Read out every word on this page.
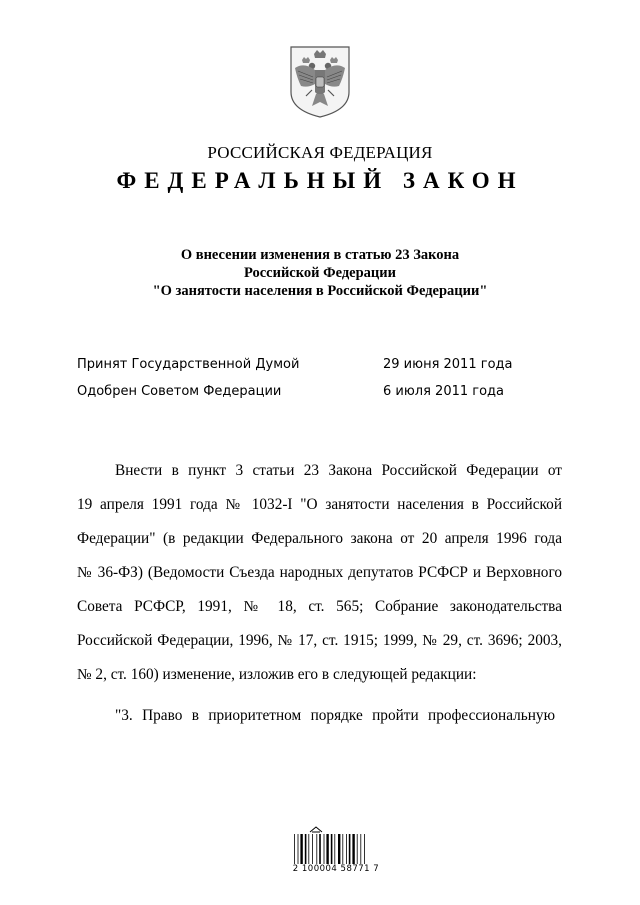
РОССИЙСКАЯ ФЕДЕРАЦИЯ
ФЕДЕРАЛЬНЫЙ ЗАКОН
О внесении изменения в статью 23 Закона
Российской Федерации
"О занятости населения в Российской Федерации"
Принят Государственной Думой	29 июня 2011 года
Одобрен Советом Федерации	6 июля 2011 года
Внести в пункт 3 статьи 23 Закона Российской Федерации от
19 апреля 1991 года № 1032-I "О занятости населения в Российской
Федерации" (в редакции Федерального закона от 20 апреля 1996 года
№ 36-ФЗ) (Ведомости Съезда народных депутатов РСФСР и Верховного
Совета РСФСР, 1991, № 18, ст. 565; Собрание законодательства
Российской Федерации, 1996, № 17, ст. 1915; 1999, № 29, ст. 3696; 2003,
№ 2, ст. 160) изменение, изложив его в следующей редакции:
"3. Право в приоритетном порядке пройти профессиональную
2 100004 58771 7
